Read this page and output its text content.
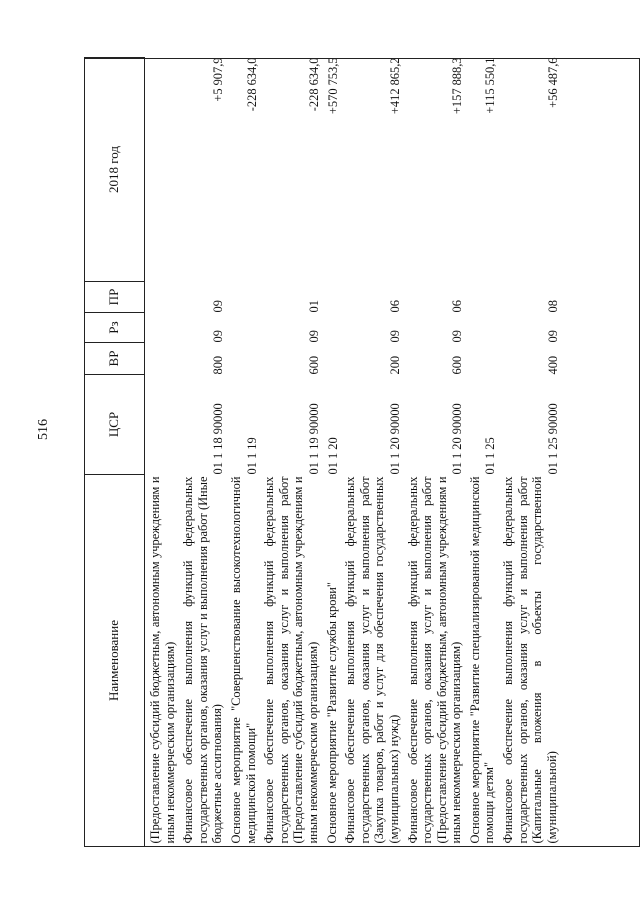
516
Наименование	ЦСР	ВР	Рз	ПР	2018 год

(Предоставление субсидий бюджетным, автономным учреждениям и иным некоммерческим организациям)					

Финансовое обеспечение выполнения функций федеральных государственных органов, оказания услуг и выполнения работ (Иные бюджетные ассигнования)	01 1 18 90000	800	09	09	+5 907,9

Основное мероприятие "Совершенствование высокотехнологичной медицинской помощи"	01 1 19				-228 634,0

Финансовое обеспечение выполнения функций федеральных государственных органов, оказания услуг и выполнения работ (Предоставление субсидий бюджетным, автономным учреждениям и иным некоммерческим организациям)	01 1 19 90000	600	09	01	-228 634,0

Основное мероприятие "Развитие службы крови"	01 1 20				+570 753,5

Финансовое обеспечение выполнения функций федеральных государственных органов, оказания услуг и выполнения работ (Закупка товаров, работ и услуг для обеспечения государственных (муниципальных) нужд)	01 1 20 90000	200	09	06	+412 865,2

Финансовое обеспечение выполнения функций федеральных государственных органов, оказания услуг и выполнения работ (Предоставление субсидий бюджетным, автономным учреждениям и иным некоммерческим организациям)	01 1 20 90000	600	09	06	+157 888,3

Основное мероприятие "Развитие специализированной медицинской помощи детям"	01 1 25				+115 550,1

Финансовое обеспечение выполнения функций федеральных государственных органов, оказания услуг и выполнения работ (Капитальные вложения в объекты государственной (муниципальной)	01 1 25 90000	400	09	08	+56 487,6
